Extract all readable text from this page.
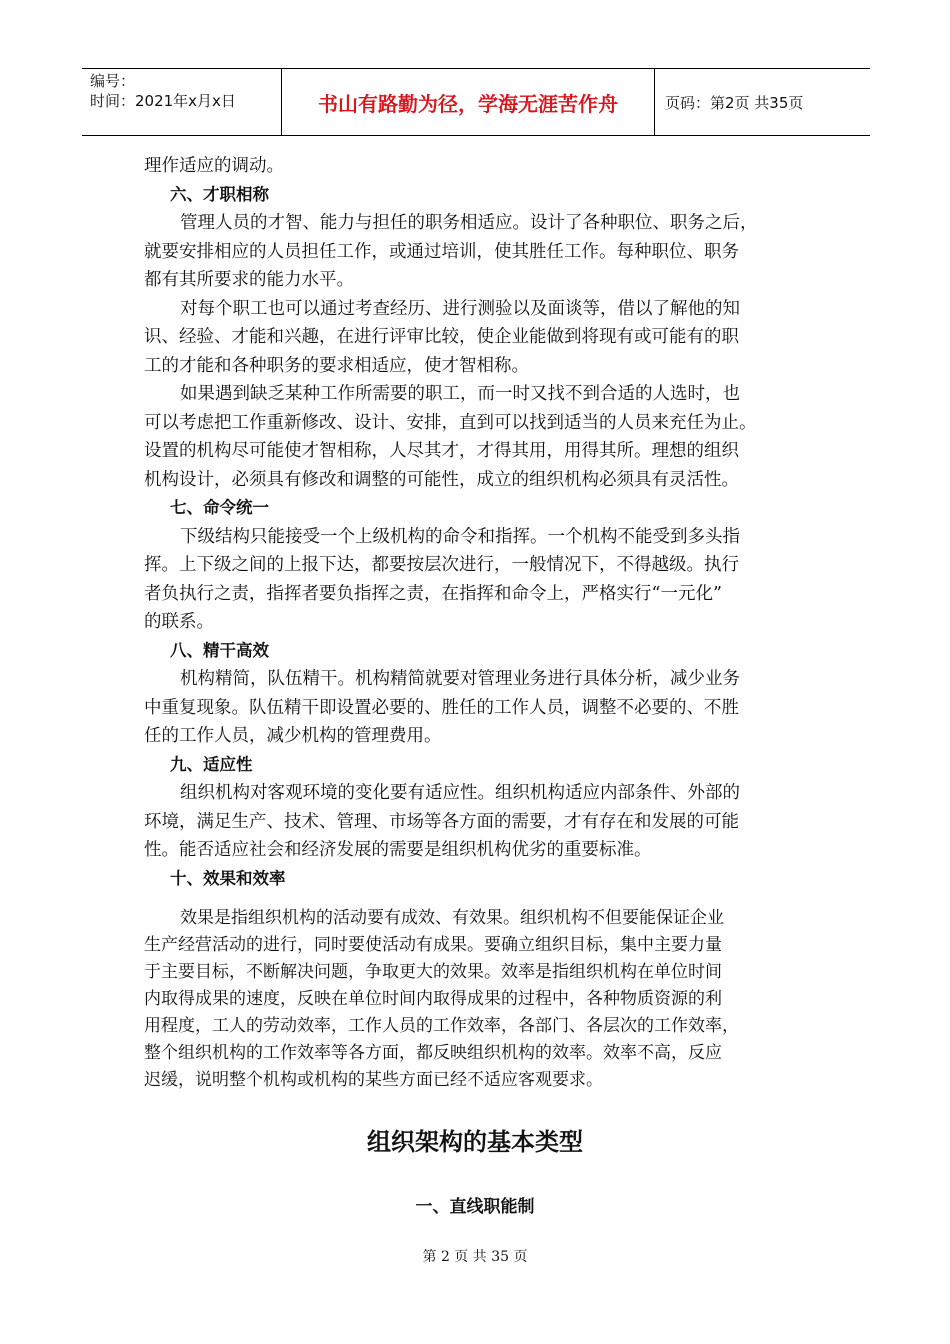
编号：
时间：2021年x月x日	书山有路勤为径，学海无涯苦作舟	页码：第2页 共35页
理作适应的调动。
六、才职相称
管理人员的才智、能力与担任的职务相适应。设计了各种职位、职务之后，
就要安排相应的人员担任工作，或通过培训，使其胜任工作。每种职位、职务
都有其所要求的能力水平。
对每个职工也可以通过考查经历、进行测验以及面谈等，借以了解他的知
识、经验、才能和兴趣，在进行评审比较，使企业能做到将现有或可能有的职
工的才能和各种职务的要求相适应，使才智相称。
如果遇到缺乏某种工作所需要的职工，而一时又找不到合适的人选时，也
可以考虑把工作重新修改、设计、安排，直到可以找到适当的人员来充任为止。
设置的机构尽可能使才智相称，人尽其才，才得其用，用得其所。理想的组织
机构设计，必须具有修改和调整的可能性，成立的组织机构必须具有灵活性。
七、命令统一
下级结构只能接受一个上级机构的命令和指挥。一个机构不能受到多头指
挥。上下级之间的上报下达，都要按层次进行，一般情况下，不得越级。执行
者负执行之责，指挥者要负指挥之责，在指挥和命令上，严格实行“一元化”
的联系。
八、精干高效
机构精简，队伍精干。机构精简就要对管理业务进行具体分析，减少业务
中重复现象。队伍精干即设置必要的、胜任的工作人员，调整不必要的、不胜
任的工作人员，减少机构的管理费用。
九、适应性
组织机构对客观环境的变化要有适应性。组织机构适应内部条件、外部的
环境，满足生产、技术、管理、市场等各方面的需要，才有存在和发展的可能
性。能否适应社会和经济发展的需要是组织机构优劣的重要标准。
十、效果和效率
效果是指组织机构的活动要有成效、有效果。组织机构不但要能保证企业
生产经营活动的进行，同时要使活动有成果。要确立组织目标，集中主要力量
于主要目标，不断解决问题，争取更大的效果。效率是指组织机构在单位时间
内取得成果的速度，反映在单位时间内取得成果的过程中，各种物质资源的利
用程度，工人的劳动效率，工作人员的工作效率，各部门、各层次的工作效率，
整个组织机构的工作效率等各方面，都反映组织机构的效率。效率不高，反应
迟缓，说明整个机构或机构的某些方面已经不适应客观要求。
组织架构的基本类型
一、直线职能制
第 2 页 共 35 页
